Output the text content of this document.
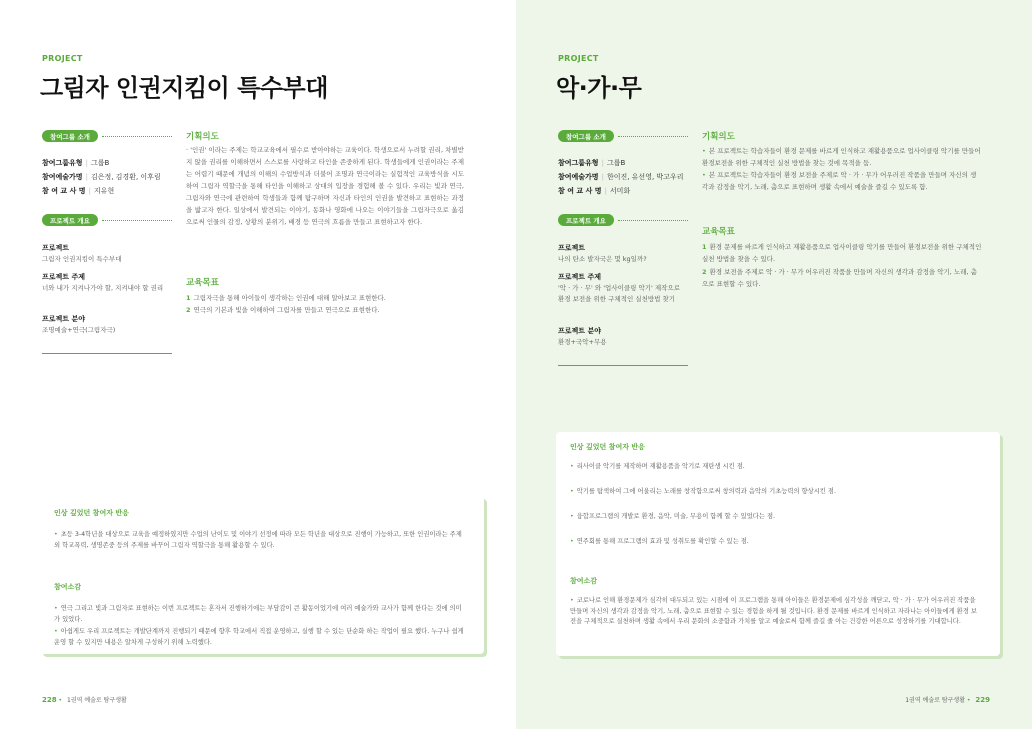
PROJECT
그림자 인권지킴이 특수부대
참여그룹 소개
참여그룹유형 | 그룹B
참여예술가명 | 김은정, 김경환, 이후림
참 여 교 사 명 | 지유현
프로젝트 개요
프로젝트
그림자 인권지킴이 특수부대
프로젝트 주제
너와 내가 지켜나가야 할, 지켜내야 할 권리
프로젝트 분야
조명예술+연극(그림자극)
기획의도
· '인권' 이라는 주제는 학교교육에서 필수로 받아야하는 교육이다. 학생으로서 누려할 권리, 차별받지 않을 권리를 이해하면서 스스로를 사랑하고 타인을 존중하게 된다. 학생들에게 인권이라는 주제는 어렵기 때문에 개념의 이해의 수업방식과 더불어 조명과 연극이라는 실험적인 교육방식을 시도하여 그림자 역할극을 통해 타인을 이해하고 상대의 입장을 경험해 볼 수 있다. 우리는 빛과 연극, 그림자와 연극에 관련하여 학생들과 함께 탐구하며 자신과 타인의 인권을 발견하고 표현하는 과정을 밟고자 한다. 일상에서 발견되는 이야기, 동화나 영화에 나오는 이야기들을 그림자극으로 옮김으로써 인물의 감정, 상황의 분위기, 배경 등 연극의 흐름을 만들고 표현하고자 한다.
교육목표
1 그림자극을 통해 아이들이 생각하는 인권에 대해 알아보고 표현한다.
2 연극의 기본과 빛을 이해하여 그림자를 만들고 연극으로 표현한다.
인상 깊었던 참여자 반응
• 초등 3-4학년을 대상으로 교육을 예정하였지만 수업의 난이도 및 이야기 선정에 따라 모든 학년을 대상으로 진행이 가능하고, 또한 인권이라는 주제 외 학교폭력, 생명존중 등의 주제를 바꾸어 그림자 역할극을 통해 활용할 수 있다.
참여소감
• 연극 그리고 빛과 그림자로 표현하는 이번 프로젝트는 혼자서 진행하기에는 부담감이 큰 활동이었기에 여러 예술가와 교사가 함께 한다는 것에 의미가 있었다.
• 아쉽게도 우리 프로젝트는 개발단계까지 진행되기 때문에 향후 학교에서 직접 운영하고, 실행 할 수 있는 단순화 하는 작업이 필요 했다. 누구나 쉽게 운영 할 수 있지만 내용은 알차게 구성하기 위해 노력했다.
228 • 1권역 예술로 탐구생활
PROJECT
악·가·무
참여그룹 소개
참여그룹유형 | 그룹B
참여예술가명 | 한이진, 유선영, 박고우리
참 여 교 사 명 | 서미화
프로젝트 개요
프로젝트
나의 탄소 발자국은 몇 kg일까?
프로젝트 주제
'악 · 가 · 무' 와 '업사이클링 악기' 제작으로 환경 보전을 위한 구체적인 실천방법 찾기
프로젝트 분야
환경+국악+무용
기획의도
• 본 프로젝트는 학습자들이 환경 문제를 바르게 인식하고 재활용품으로 업사이클링 악기를 만들어 환경보전을 위한 구체적인 실천 방법을 찾는 것에 목적을 둠.
• 본 프로젝트는 학습자들이 환경 보전을 주제로 악 · 가 · 무가 어우러진 작품을 만들며 자신의 생각과 감정을 악기, 노래, 춤으로 표현하며 생활 속에서 예술을 즐길 수 있도록 함.
교육목표
1 환경 문제를 바르게 인식하고 재활용품으로 업사이클링 악기를 만들어 환경보전을 위한 구체적인 실천 방법을 찾을 수 있다.
2 환경 보전을 주제로 악 · 가 · 무가 어우러진 작품을 만들며 자신의 생각과 감정을 악기, 노래, 춤으로 표현할 수 있다.
인상 깊었던 참여자 반응
• 리사이클 악기를 제작하며 재활용품을 악기로 재탄생 시킨 점.
• 악기를 탐색하여 그에 어울리는 노래를 창작함으로써 창의력과 음악의 기초능력의 향상시킨 점.
• 융합프로그램의 개발로 환경, 음악, 미술, 무용이 함께 할 수 있었다는 점.
• 연주회를 통해 프로그램의 효과 및 성취도를 확인할 수 있는 점.
참여소감
• 코로나로 인해 환경문제가 심각히 대두되고 있는 시점에 이 프로그램을 통해 아이들은 환경문제에 심각성을 깨닫고, 악 · 가 · 무가 어우러진 작품을 만들며 자신의 생각과 감정을 악기, 노래, 춤으로 표현할 수 있는 경험을 하게 될 것입니다. 환경 문제를 바르게 인식하고 자라나는 아이들에게 환경 보전을 구체적으로 실천하며 생활 속에서 우리 문화의 소중함과 가치를 알고 예술로써 함께 즐길 줄 아는 건강한 어른으로 성장하기를 기대합니다.
1권역 예술로 탐구생활 • 229
